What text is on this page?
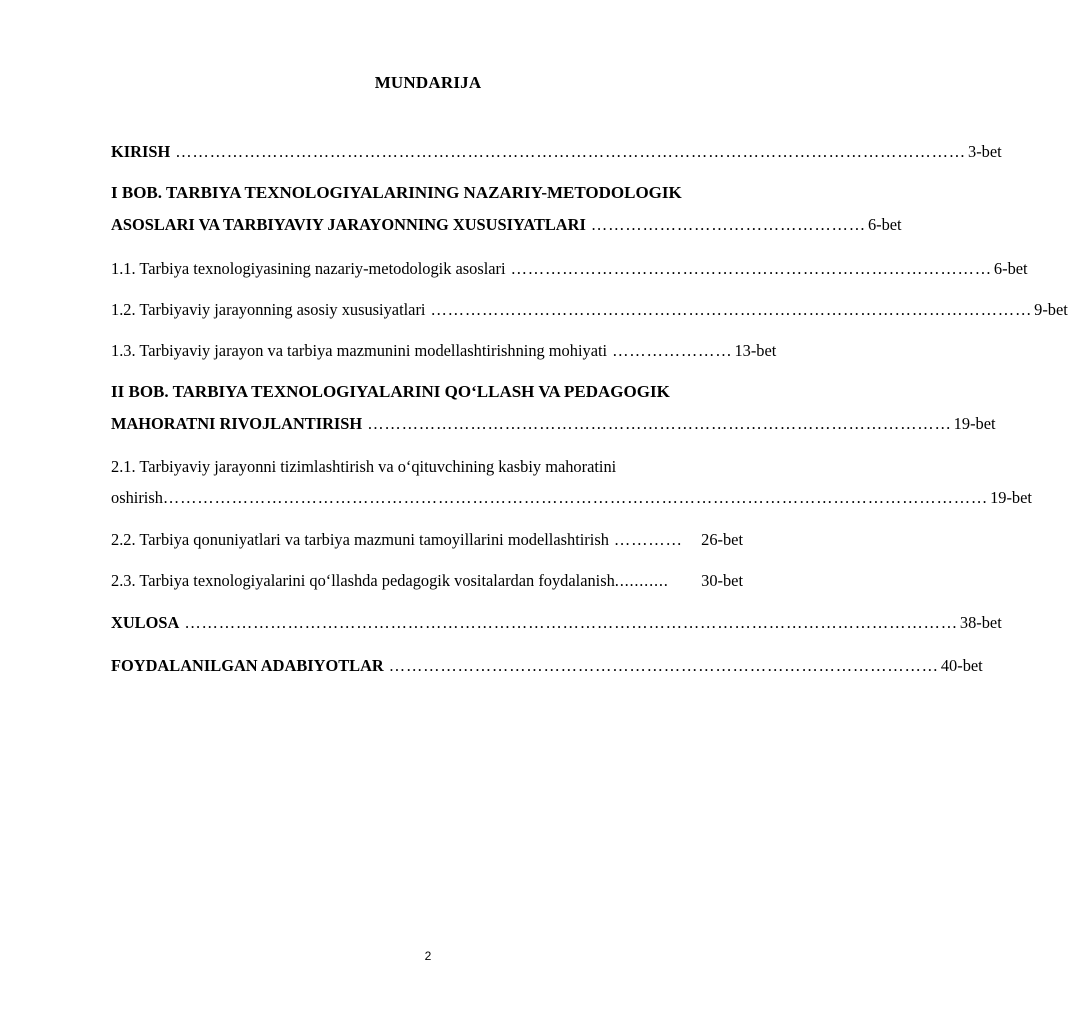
MUNDARIJA
KIRISH ………………………………………………………………………………………………………………………… 3-bet
I BOB. TARBIYA TEXNOLOGIYALARINING NAZARIY-METODOLOGIK
ASOSLARI VA TARBIYAVIY JARAYONNING XUSUSIYATLARI ………………………………………… 6-bet
1.1. Tarbiya texnologiyasining nazariy-metodologik asoslari ………………………………………………………………………… 6-bet
1.2. Tarbiyaviy jarayonning asosiy xususiyatlari …………………………………………………………………………………………… 9-bet
1.3. Tarbiyaviy jarayon va tarbiya mazmunini modellashtirishning mohiyati ………………… 13-bet
II BOB. TARBIYA TEXNOLOGIYALARINI QO‘LLASH VA PEDAGOGIK
MAHORATNI RIVOJLANTIRISH ………………………………………………………………………………………… 19-bet
2.1. Tarbiyaviy jarayonni tizimlashtirish va o‘qituvchining kasbiy mahoratini
oshirish ……………………………………………………………………………………………………………………………… 19-bet
2.2. Tarbiya qonuniyatlari va tarbiya mazmuni tamoyillarini modellashtirish …………	26-bet
2.3. Tarbiya texnologiyalarini qo‘llashda pedagogik vositalardan foydalanish ...........	30-bet
XULOSA ……………………………………………………………………………………………………………………… 38-bet
FOYDALANILGAN ADABIYOTLAR …………………………………………………………………………………… 40-bet
2
